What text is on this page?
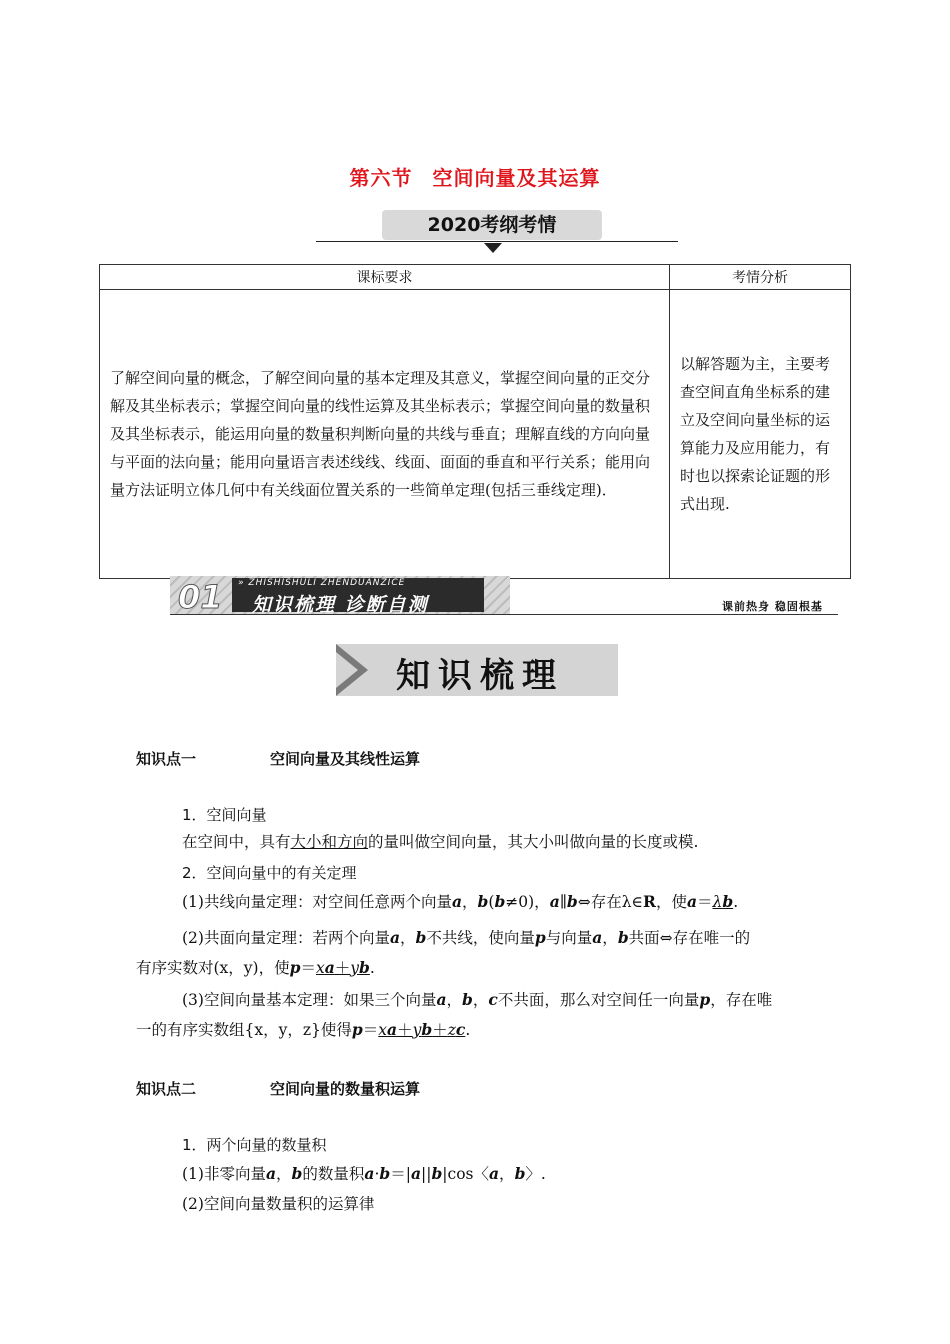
第六节 空间向量及其运算
2020考纲考情
课标要求	考情分析
了解空间向量的概念，了解空间向量的基本定理及其意义，掌握空间向量的正交分解及其坐标表示；掌握空间向量的线性运算及其坐标表示；掌握空间向量的数量积及其坐标表示，能运用向量的数量积判断向量的共线与垂直；理解直线的方向向量与平面的法向量；能用向量语言表述线线、线面、面面的垂直和平行关系；能用向量方法证明立体几何中有关线面位置关系的一些简单定理(包括三垂线定理)．	以解答题为主，主要考查空间直角坐标系的建立及空间向量坐标的运算能力及应用能力，有时也以探索论证题的形式出现.
01 » ZHISHISHULI ZHENDUANZICE
知识梳理 诊断自测	课前热身 稳固根基
知识梳理
知识点一	空间向量及其线性运算
1．空间向量
在空间中，具有大小和方向的量叫做空间向量，其大小叫做向量的长度或模.
2．空间向量中的有关定理
(1)共线向量定理：对空间任意两个向量a，b(b≠0)，a∥b⇔存在λ∈R，使a＝λb.
(2)共面向量定理：若两个向量a，b不共线，使向量p与向量a，b共面⇔存在唯一的
有序实数对(x，y)，使p＝xa＋yb.
(3)空间向量基本定理：如果三个向量a，b，c不共面，那么对空间任一向量p，存在唯
一的有序实数组{x，y，z}使得p＝xa＋yb＋zc.
知识点二	空间向量的数量积运算
1．两个向量的数量积
(1)非零向量a，b的数量积a·b＝|a||b|cos〈a，b〉.
(2)空间向量数量积的运算律
